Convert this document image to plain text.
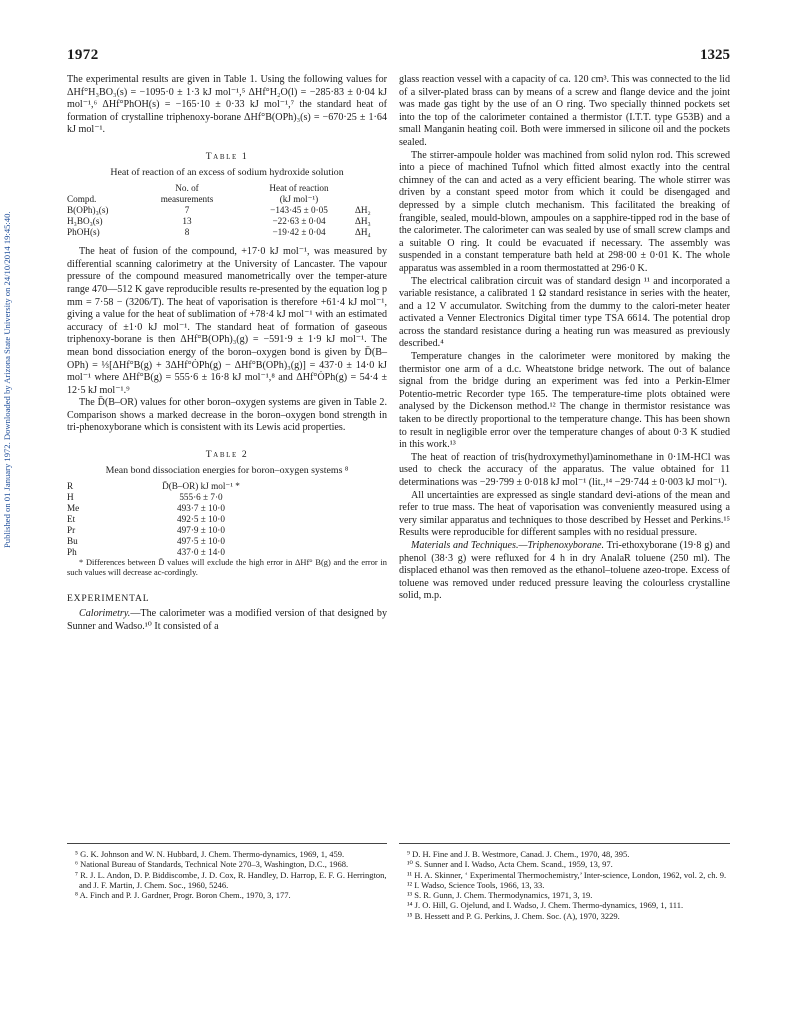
Published on 01 January 1972. Downloaded by Arizona State University on 24/10/2014 19:45:40.
1972	1325

The experimental results are given in Table 1. Using the following values for ΔHf°H₃BO₃(s) = −1095·0 ± 1·3 kJ mol⁻¹,⁵ ΔHf°H₂O(l) = −285·83 ± 0·04 kJ mol⁻¹,⁶ ΔHf°PhOH(s) = −165·10 ± 0·33 kJ mol⁻¹,⁷ the standard heat of formation of crystalline triphenoxy-borane ΔHf°B(OPh)₃(s) = −670·25 ± 1·64 kJ mol⁻¹.

Table 1
Heat of reaction of an excess of sodium hydroxide solution
	No. of	Heat of reaction	
Compd.	measurements	(kJ mol⁻¹)	
B(OPh)₃(s)	7	−143·45 ± 0·05	ΔH₂
H₃BO₃(s)	13	−22·63 ± 0·04	ΔH₃
PhOH(s)	8	−19·42 ± 0·04	ΔH₄

The heat of fusion of the compound, +17·0 kJ mol⁻¹, was measured by differential scanning calorimetry at the University of Lancaster. The vapour pressure of the compound measured manometrically over the temper-ature range 470—512 K gave reproducible results re-presented by the equation log p mm = 7·58 − (3206/T). The heat of vaporisation is therefore +61·4 kJ mol⁻¹, giving a value for the heat of sublimation of +78·4 kJ mol⁻¹ with an estimated accuracy of ±1·0 kJ mol⁻¹. The standard heat of formation of gaseous triphenoxy-borane is then ΔHf°B(OPh)₃(g) = −591·9 ± 1·9 kJ mol⁻¹. The mean bond dissociation energy of the boron–oxygen bond is given by D̄(B–OPh) = ⅓[ΔHf°B(g) + 3ΔHf°ȮPh(g) − ΔHf°B(OPh)₃(g)] = 437·0 ± 14·0 kJ mol⁻¹ where ΔHf°B(g) = 555·6 ± 16·8 kJ mol⁻¹,⁸ and ΔHf°ȮPh(g) = 54·4 ± 12·5 kJ mol⁻¹.⁹

The D̄(B–OR) values for other boron–oxygen systems are given in Table 2. Comparison shows a marked decrease in the boron–oxygen bond strength in tri-phenoxyborane which is consistent with its Lewis acid properties.

Table 2
Mean bond dissociation energies for boron–oxygen systems ⁸
R	D̄(B–OR) kJ mol⁻¹ *
H	555·6 ± 7·0
Me	493·7 ± 10·0
Et	492·5 ± 10·0
Pr	497·9 ± 10·0
Bu	497·5 ± 10·0
Ph	437·0 ± 14·0

* Differences between D̄ values will exclude the high error in ΔHf° B(g) and the error in such values will decrease ac-cordingly.

EXPERIMENTAL

Calorimetry.—The calorimeter was a modified version of that designed by Sunner and Wadso.¹⁰ It consisted of a

glass reaction vessel with a capacity of ca. 120 cm³. This was connected to the lid of a silver-plated brass can by means of a screw and flange device and the joint was made gas tight by the use of an O ring. Two specially thinned pockets set into the top of the calorimeter contained a thermistor (I.T.T. type G53B) and a small Manganin heating coil. Both were immersed in silicone oil and the pockets sealed.

The stirrer-ampoule holder was machined from solid nylon rod. This screwed into a piece of machined Tufnol which fitted almost exactly into the central chimney of the can and acted as a very efficient bearing. The whole stirrer was driven by a constant speed motor from which it could be disengaged and depressed by a simple clutch mechanism. This facilitated the breaking of frangible, sealed, mould-blown, ampoules on a sapphire-tipped rod in the base of the calorimeter. The calorimeter can was sealed by use of small screw clamps and a suitable O ring. It could be evacuated if necessary. The assembly was suspended in a constant temperature bath held at 298·00 ± 0·01 K. The whole apparatus was assembled in a room thermostatted at 296·0 K.

The electrical calibration circuit was of standard design ¹¹ and incorporated a variable resistance, a calibrated 1 Ω standard resistance in series with the heater, and a 12 V accumulator. Switching from the dummy to the calori-meter heater activated a Venner Electronics Digital timer type TSA 6614. The potential drop across the standard resistance during a heating run was measured as previously described.⁴

Temperature changes in the calorimeter were monitored by making the thermistor one arm of a d.c. Wheatstone bridge network. The out of balance signal from the bridge during an experiment was fed into a Perkin-Elmer Potentio-metric Recorder type 165. The temperature-time plots obtained were analysed by the Dickenson method.¹² The change in thermistor resistance was taken to be directly proportional to the temperature change. This has been shown to result in negligible error over the temperature changes of about 0·3 K studied in this work.¹³

The heat of reaction of tris(hydroxymethyl)aminomethane in 0·1M-HCl was used to check the accuracy of the apparatus. The value obtained for 11 determinations was −29·799 ± 0·018 kJ mol⁻¹ (lit.,¹⁴ −29·744 ± 0·003 kJ mol⁻¹).

All uncertainties are expressed as single standard devi-ations of the mean and refer to true mass. The heat of vaporisation was conveniently measured using a very similar apparatus and techniques to those described by Hesset and Perkins.¹⁵ Results were reproducible for different samples with no residual pressure.

Materials and Techniques.—Triphenoxyborane. Tri-ethoxyborane (19·8 g) and phenol (38·3 g) were refluxed for 4 h in dry AnalaR toluene (250 ml). The displaced ethanol was then removed as the ethanol–toluene azeo-trope. Excess of toluene was removed under reduced pressure leaving the colourless crystalline solid, m.p.

⁵ G. K. Johnson and W. N. Hubbard, J. Chem. Thermo-dynamics, 1969, 1, 459.

⁶ National Bureau of Standards, Technical Note 270–3, Washington, D.C., 1968.

⁷ R. J. L. Andon, D. P. Biddiscombe, J. D. Cox, R. Handley, D. Harrop, E. F. G. Herrington, and J. F. Martin, J. Chem. Soc., 1960, 5246.

⁸ A. Finch and P. J. Gardner, Progr. Boron Chem., 1970, 3, 177.

⁹ D. H. Fine and J. B. Westmore, Canad. J. Chem., 1970, 48, 395.

¹⁰ S. Sunner and I. Wadso, Acta Chem. Scand., 1959, 13, 97.

¹¹ H. A. Skinner, ‘ Experimental Thermochemistry,’ Inter-science, London, 1962, vol. 2, ch. 9.

¹² I. Wadso, Science Tools, 1966, 13, 33.

¹³ S. R. Gunn, J. Chem. Thermodynamics, 1971, 3, 19.

¹⁴ J. O. Hill, G. Ojelund, and I. Wadso, J. Chem. Thermo-dynamics, 1969, 1, 111.

¹⁵ B. Hessett and P. G. Perkins, J. Chem. Soc. (A), 1970, 3229.
